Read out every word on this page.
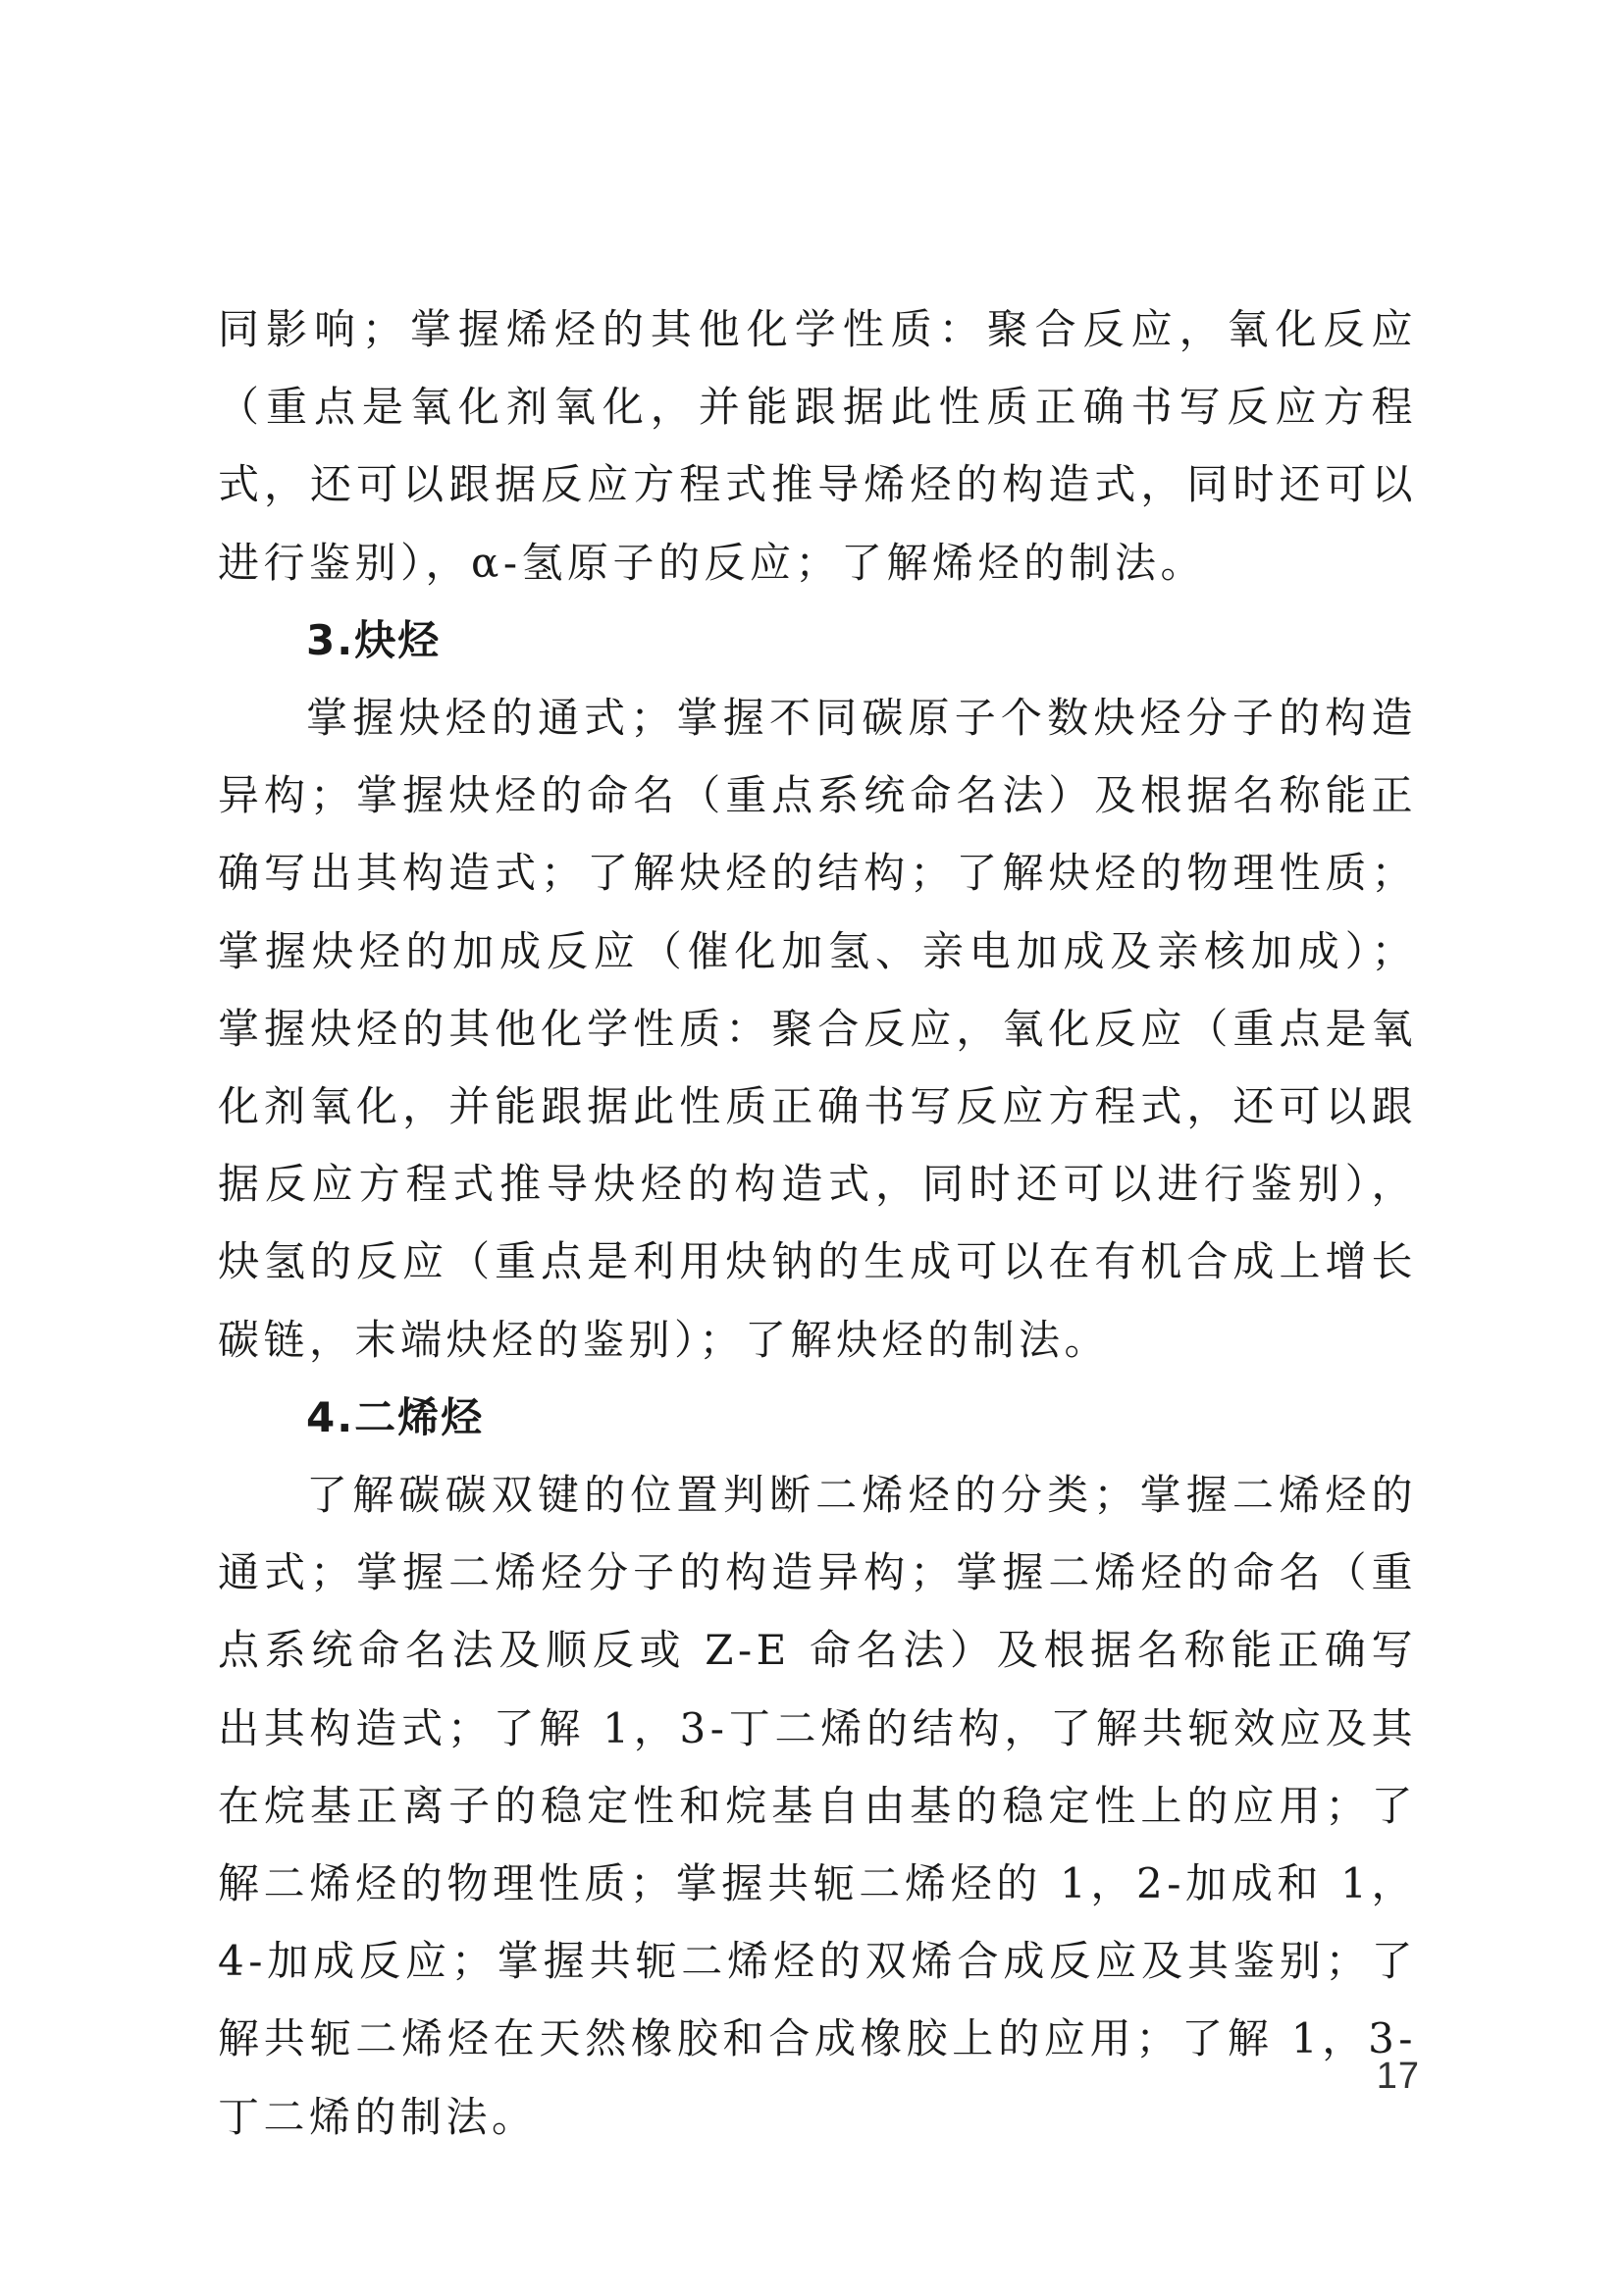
同影响；掌握烯烃的其他化学性质：聚合反应，氧化反应（重点是氧化剂氧化，并能跟据此性质正确书写反应方程式，还可以跟据反应方程式推导烯烃的构造式，同时还可以进行鉴别），α-氢原子的反应；了解烯烃的制法。

3.炔烃

掌握炔烃的通式；掌握不同碳原子个数炔烃分子的构造异构；掌握炔烃的命名（重点系统命名法）及根据名称能正确写出其构造式；了解炔烃的结构；了解炔烃的物理性质；掌握炔烃的加成反应（催化加氢、亲电加成及亲核加成）；掌握炔烃的其他化学性质：聚合反应，氧化反应（重点是氧化剂氧化，并能跟据此性质正确书写反应方程式，还可以跟据反应方程式推导炔烃的构造式，同时还可以进行鉴别），炔氢的反应（重点是利用炔钠的生成可以在有机合成上增长碳链，末端炔烃的鉴别）；了解炔烃的制法。

4.二烯烃

了解碳碳双键的位置判断二烯烃的分类；掌握二烯烃的通式；掌握二烯烃分子的构造异构；掌握二烯烃的命名（重点系统命名法及顺反或 Z-E 命名法）及根据名称能正确写出其构造式；了解 1，3-丁二烯的结构，了解共轭效应及其在烷基正离子的稳定性和烷基自由基的稳定性上的应用；了解二烯烃的物理性质；掌握共轭二烯烃的 1，2-加成和 1，4-加成反应；掌握共轭二烯烃的双烯合成反应及其鉴别；了解共轭二烯烃在天然橡胶和合成橡胶上的应用；了解 1，3-丁二烯的制法。

17
